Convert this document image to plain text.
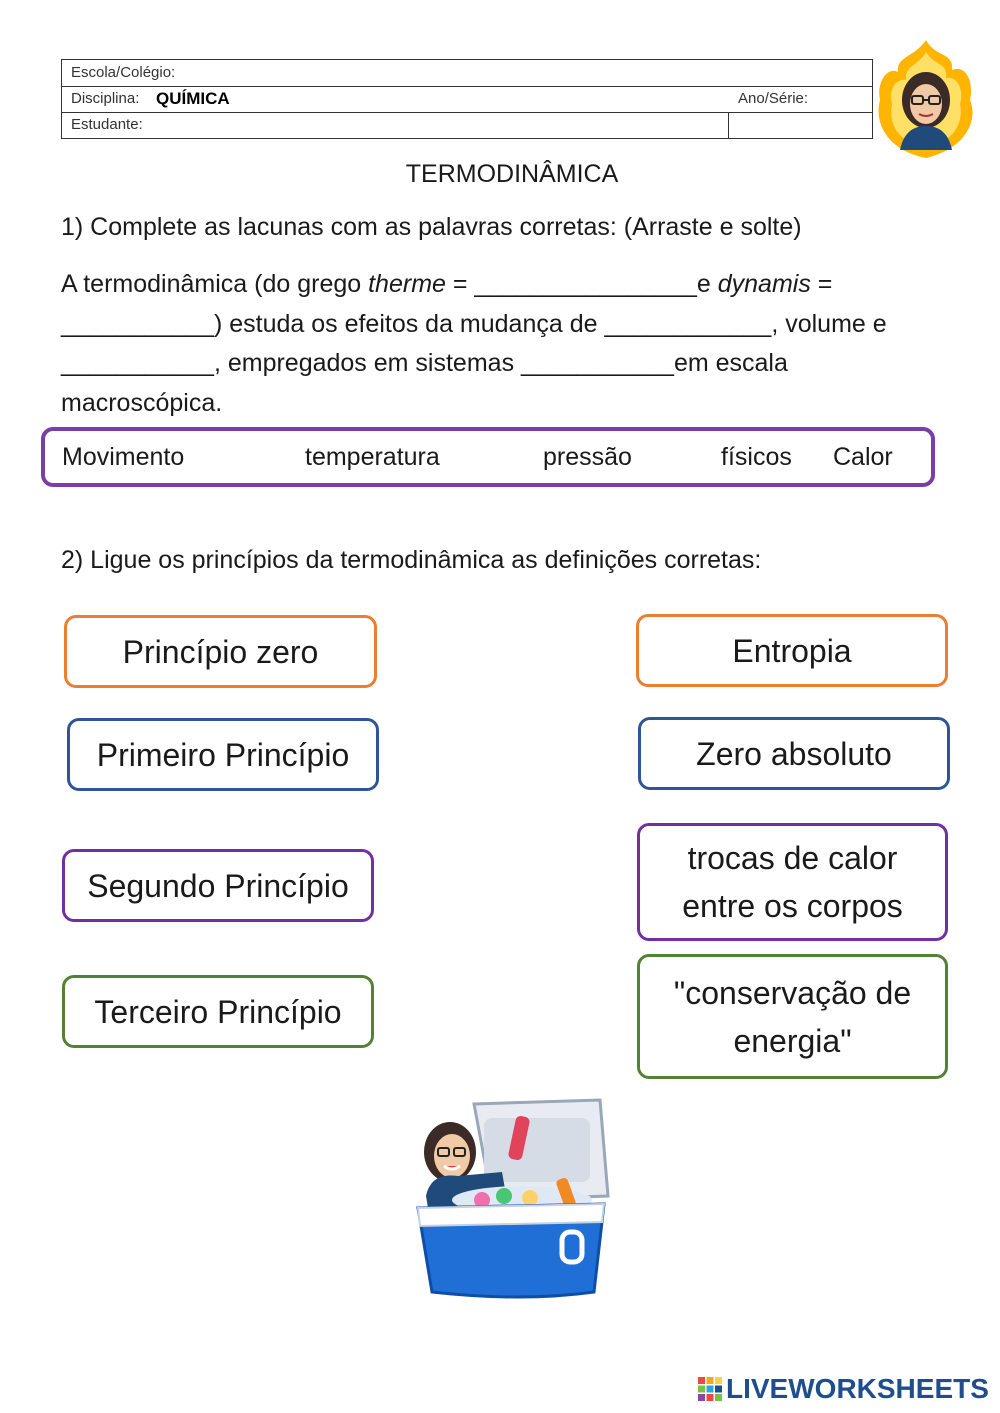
Escola/Colégio:
Disciplina: QUÍMICA	Ano/Série:
Estudante:
TERMODINÂMICA
1) Complete as lacunas com as palavras corretas: (Arraste e solte)
A termodinâmica (do grego therme = ________________e dynamis =
___________) estuda os efeitos da mudança de ____________, volume e
___________, empregados em sistemas ___________em escala
macroscópica.
Movimento	temperatura	pressão	físicos Calor
2) Ligue os princípios da termodinâmica as definições corretas:
Princípio zero
Primeiro Princípio
Segundo Princípio
Terceiro Princípio
Entropia
Zero absoluto
trocas de calor entre os corpos
"conservação de energia"
LIVEWORKSHEETS
